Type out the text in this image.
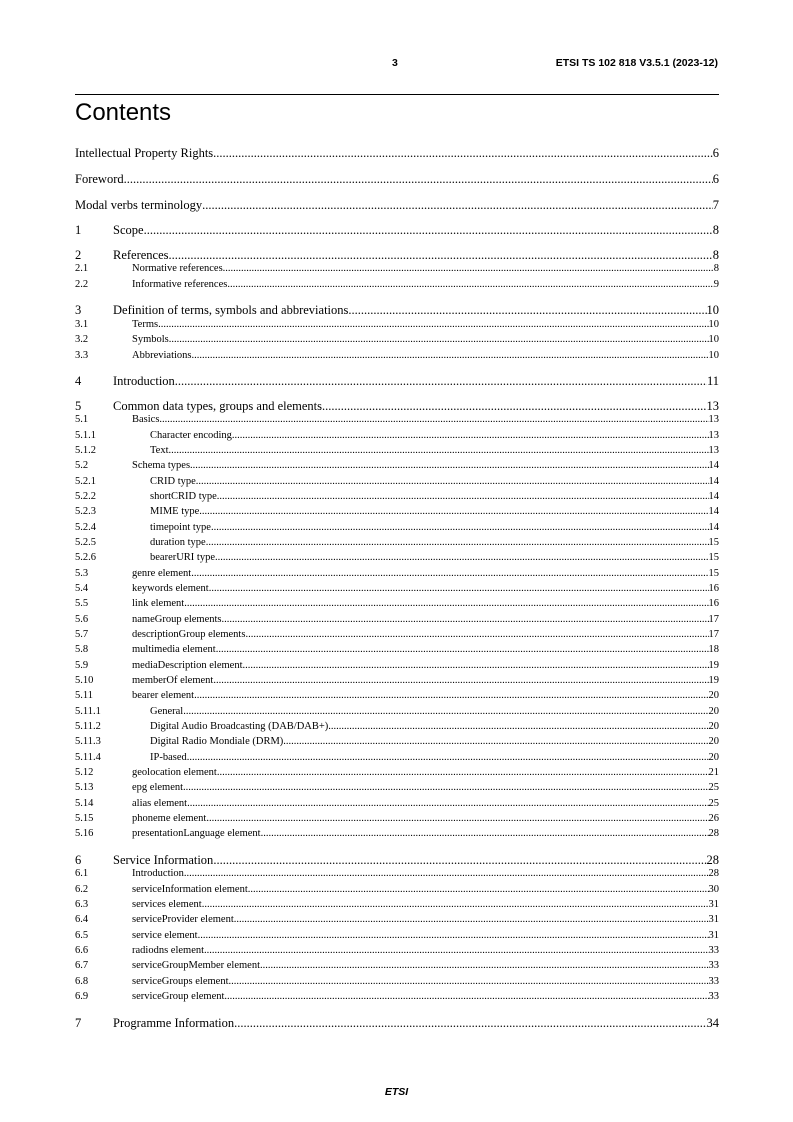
3	ETSI TS 102 818 V3.5.1 (2023-12)
Contents
Intellectual Property Rights .....	6
Foreword .....	6
Modal verbs terminology .....	7
1	Scope .....	8
2	References .....	8
2.1	Normative references .....	8
2.2	Informative references .....	9
3	Definition of terms, symbols and abbreviations .....	10
3.1	Terms .....	10
3.2	Symbols .....	10
3.3	Abbreviations .....	10
4	Introduction .....	11
5	Common data types, groups and elements .....	13
5.1	Basics .....	13
5.1.1	Character encoding .....	13
5.1.2	Text .....	13
5.2	Schema types .....	14
5.2.1	CRID type .....	14
5.2.2	shortCRID type .....	14
5.2.3	MIME type .....	14
5.2.4	timepoint type .....	14
5.2.5	duration type .....	15
5.2.6	bearerURI type .....	15
5.3	genre element .....	15
5.4	keywords element .....	16
5.5	link element .....	16
5.6	nameGroup elements .....	17
5.7	descriptionGroup elements .....	17
5.8	multimedia element .....	18
5.9	mediaDescription element .....	19
5.10	memberOf element .....	19
5.11	bearer element .....	20
5.11.1	General .....	20
5.11.2	Digital Audio Broadcasting (DAB/DAB+) .....	20
5.11.3	Digital Radio Mondiale (DRM) .....	20
5.11.4	IP-based .....	20
5.12	geolocation element .....	21
5.13	epg element .....	25
5.14	alias element .....	25
5.15	phoneme element .....	26
5.16	presentationLanguage element .....	28
6	Service Information .....	28
6.1	Introduction .....	28
6.2	serviceInformation element .....	30
6.3	services element .....	31
6.4	serviceProvider element .....	31
6.5	service element .....	31
6.6	radiodns element .....	33
6.7	serviceGroupMember element .....	33
6.8	serviceGroups element .....	33
6.9	serviceGroup element .....	33
7	Programme Information .....	34
ETSI
